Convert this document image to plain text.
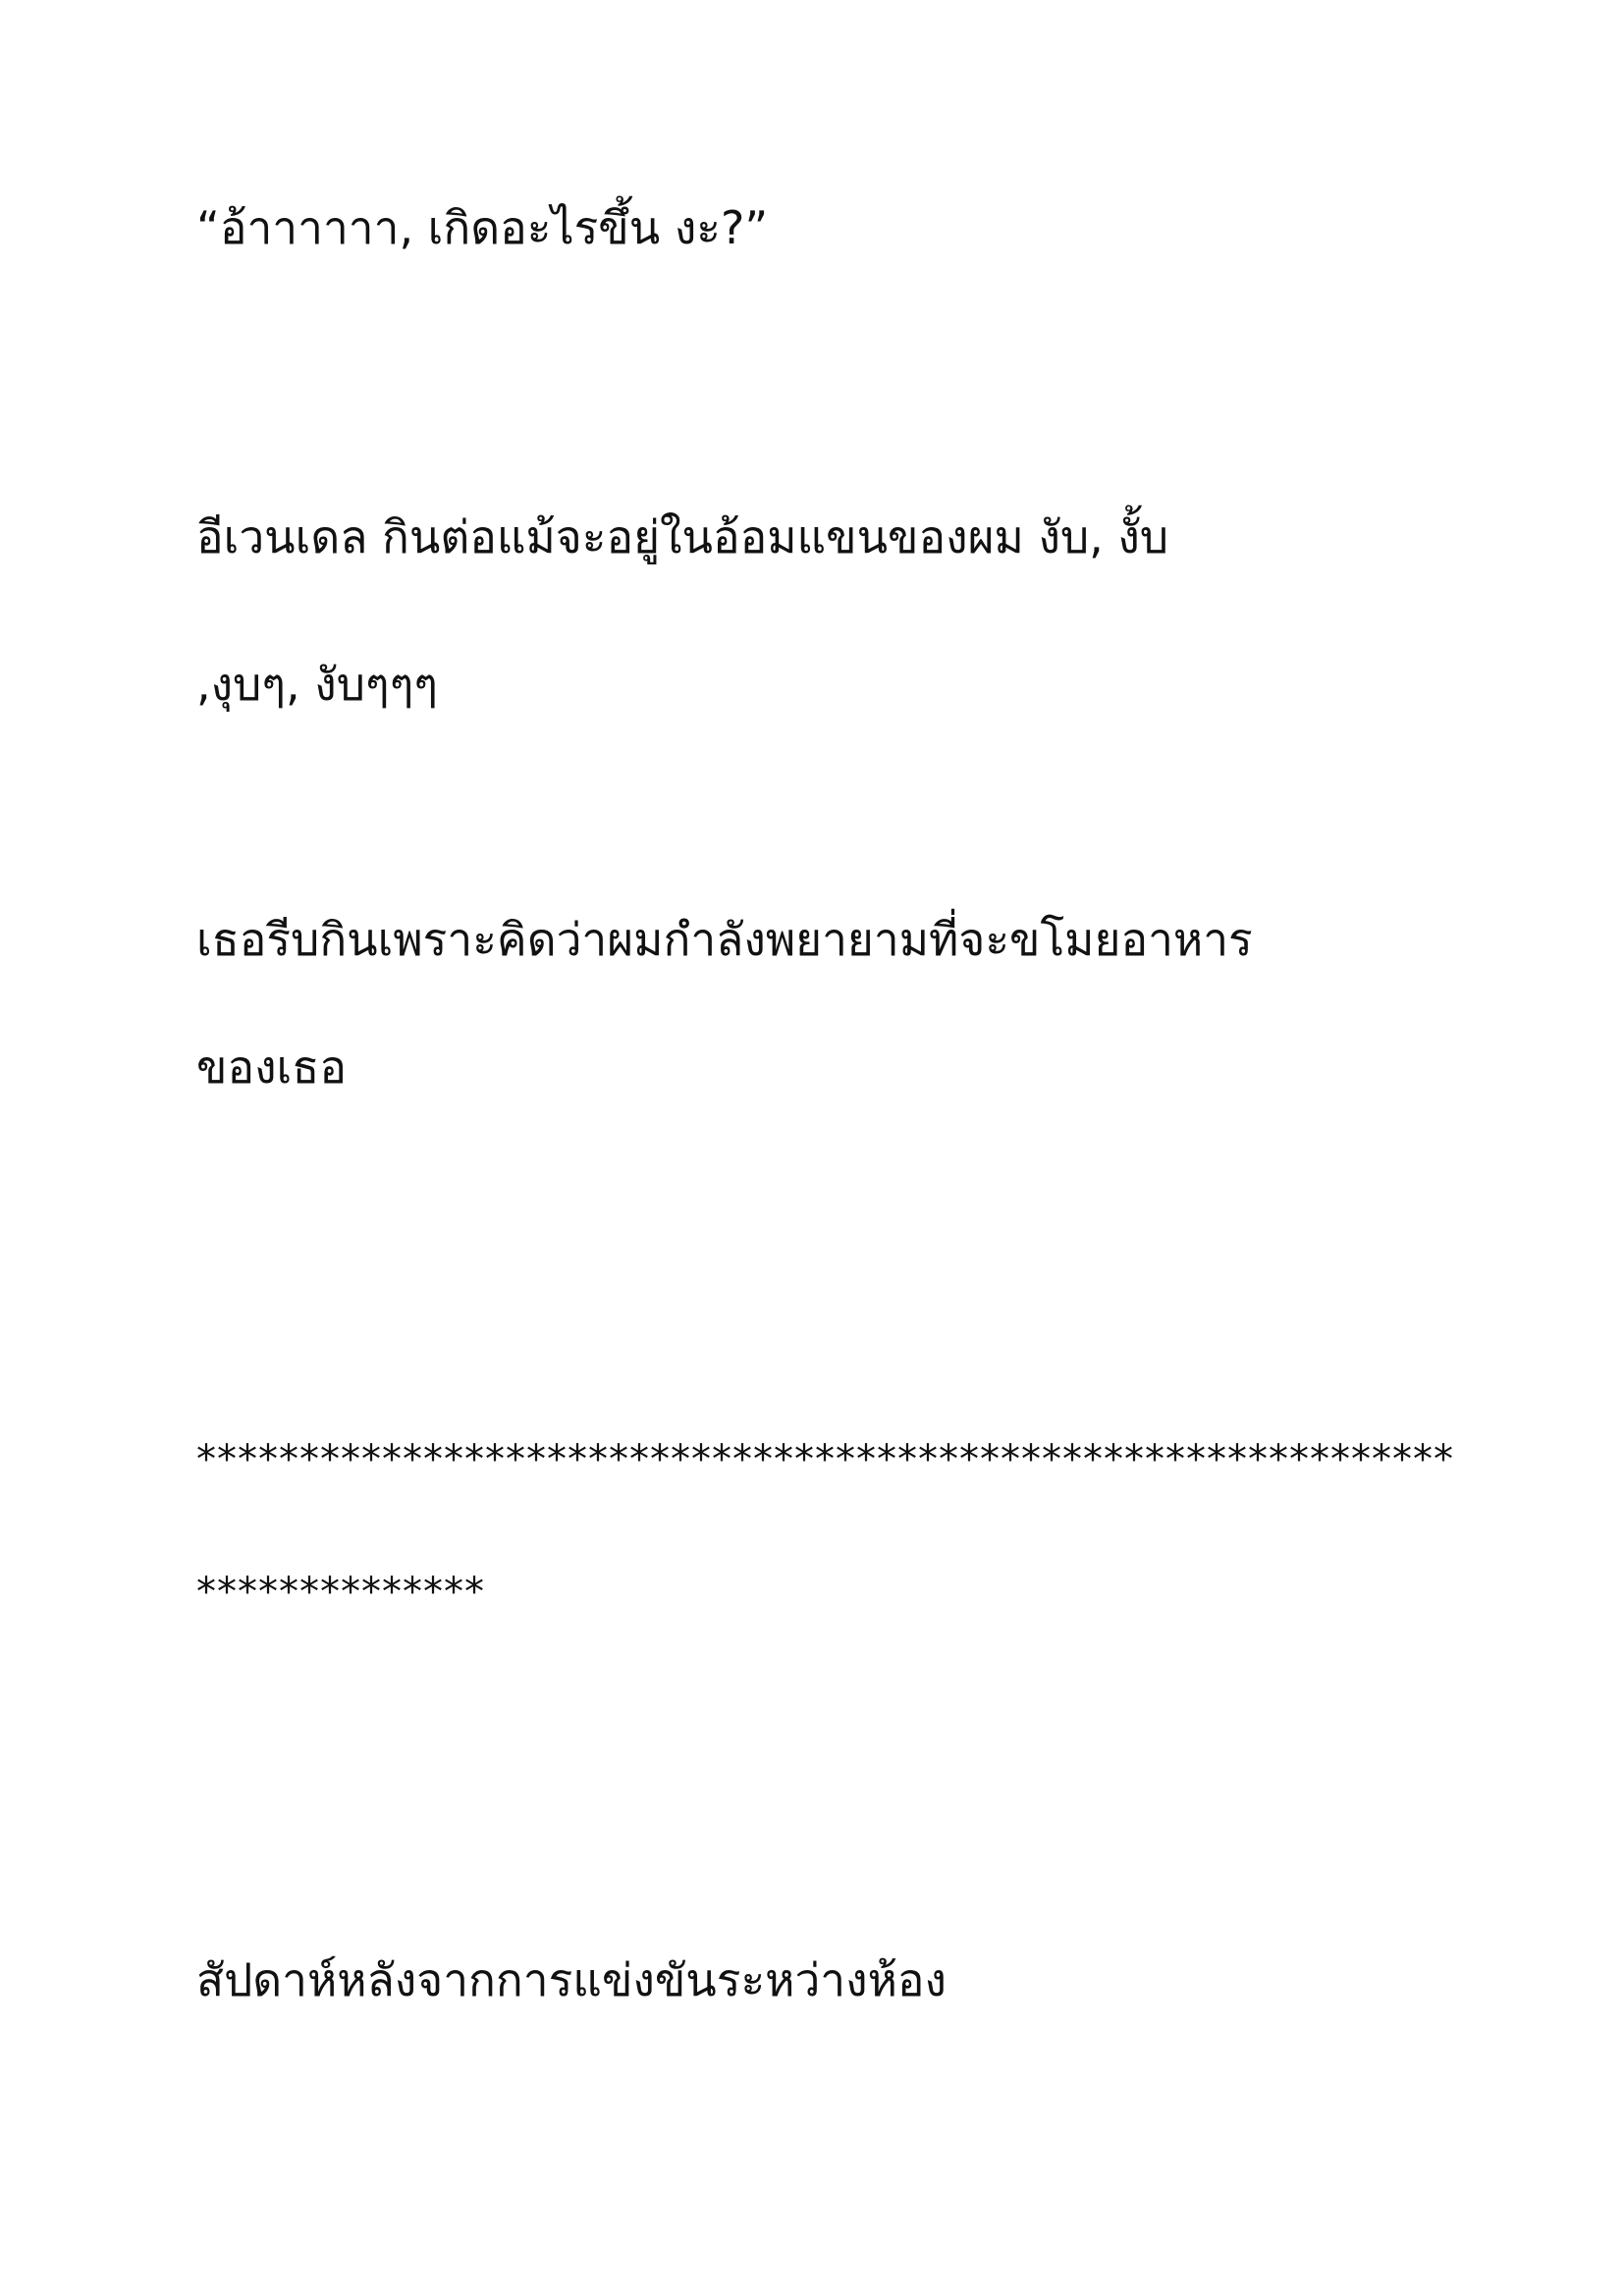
“อ้าาาาาา, เกิดอะไรขึ้น งะ?”

อีเวนเดล กินต่อแม้จะอยู่ในอ้อมแขนของผม งับ, งั้บ

,งุบๆ, งับๆๆๆ

เธอรีบกินเพราะคิดว่าผมกำลังพยายามที่จะขโมยอาหาร

ของเธอ

*************************************************************

**************

สัปดาห์หลังจากการแข่งขันระหว่างห้อง
